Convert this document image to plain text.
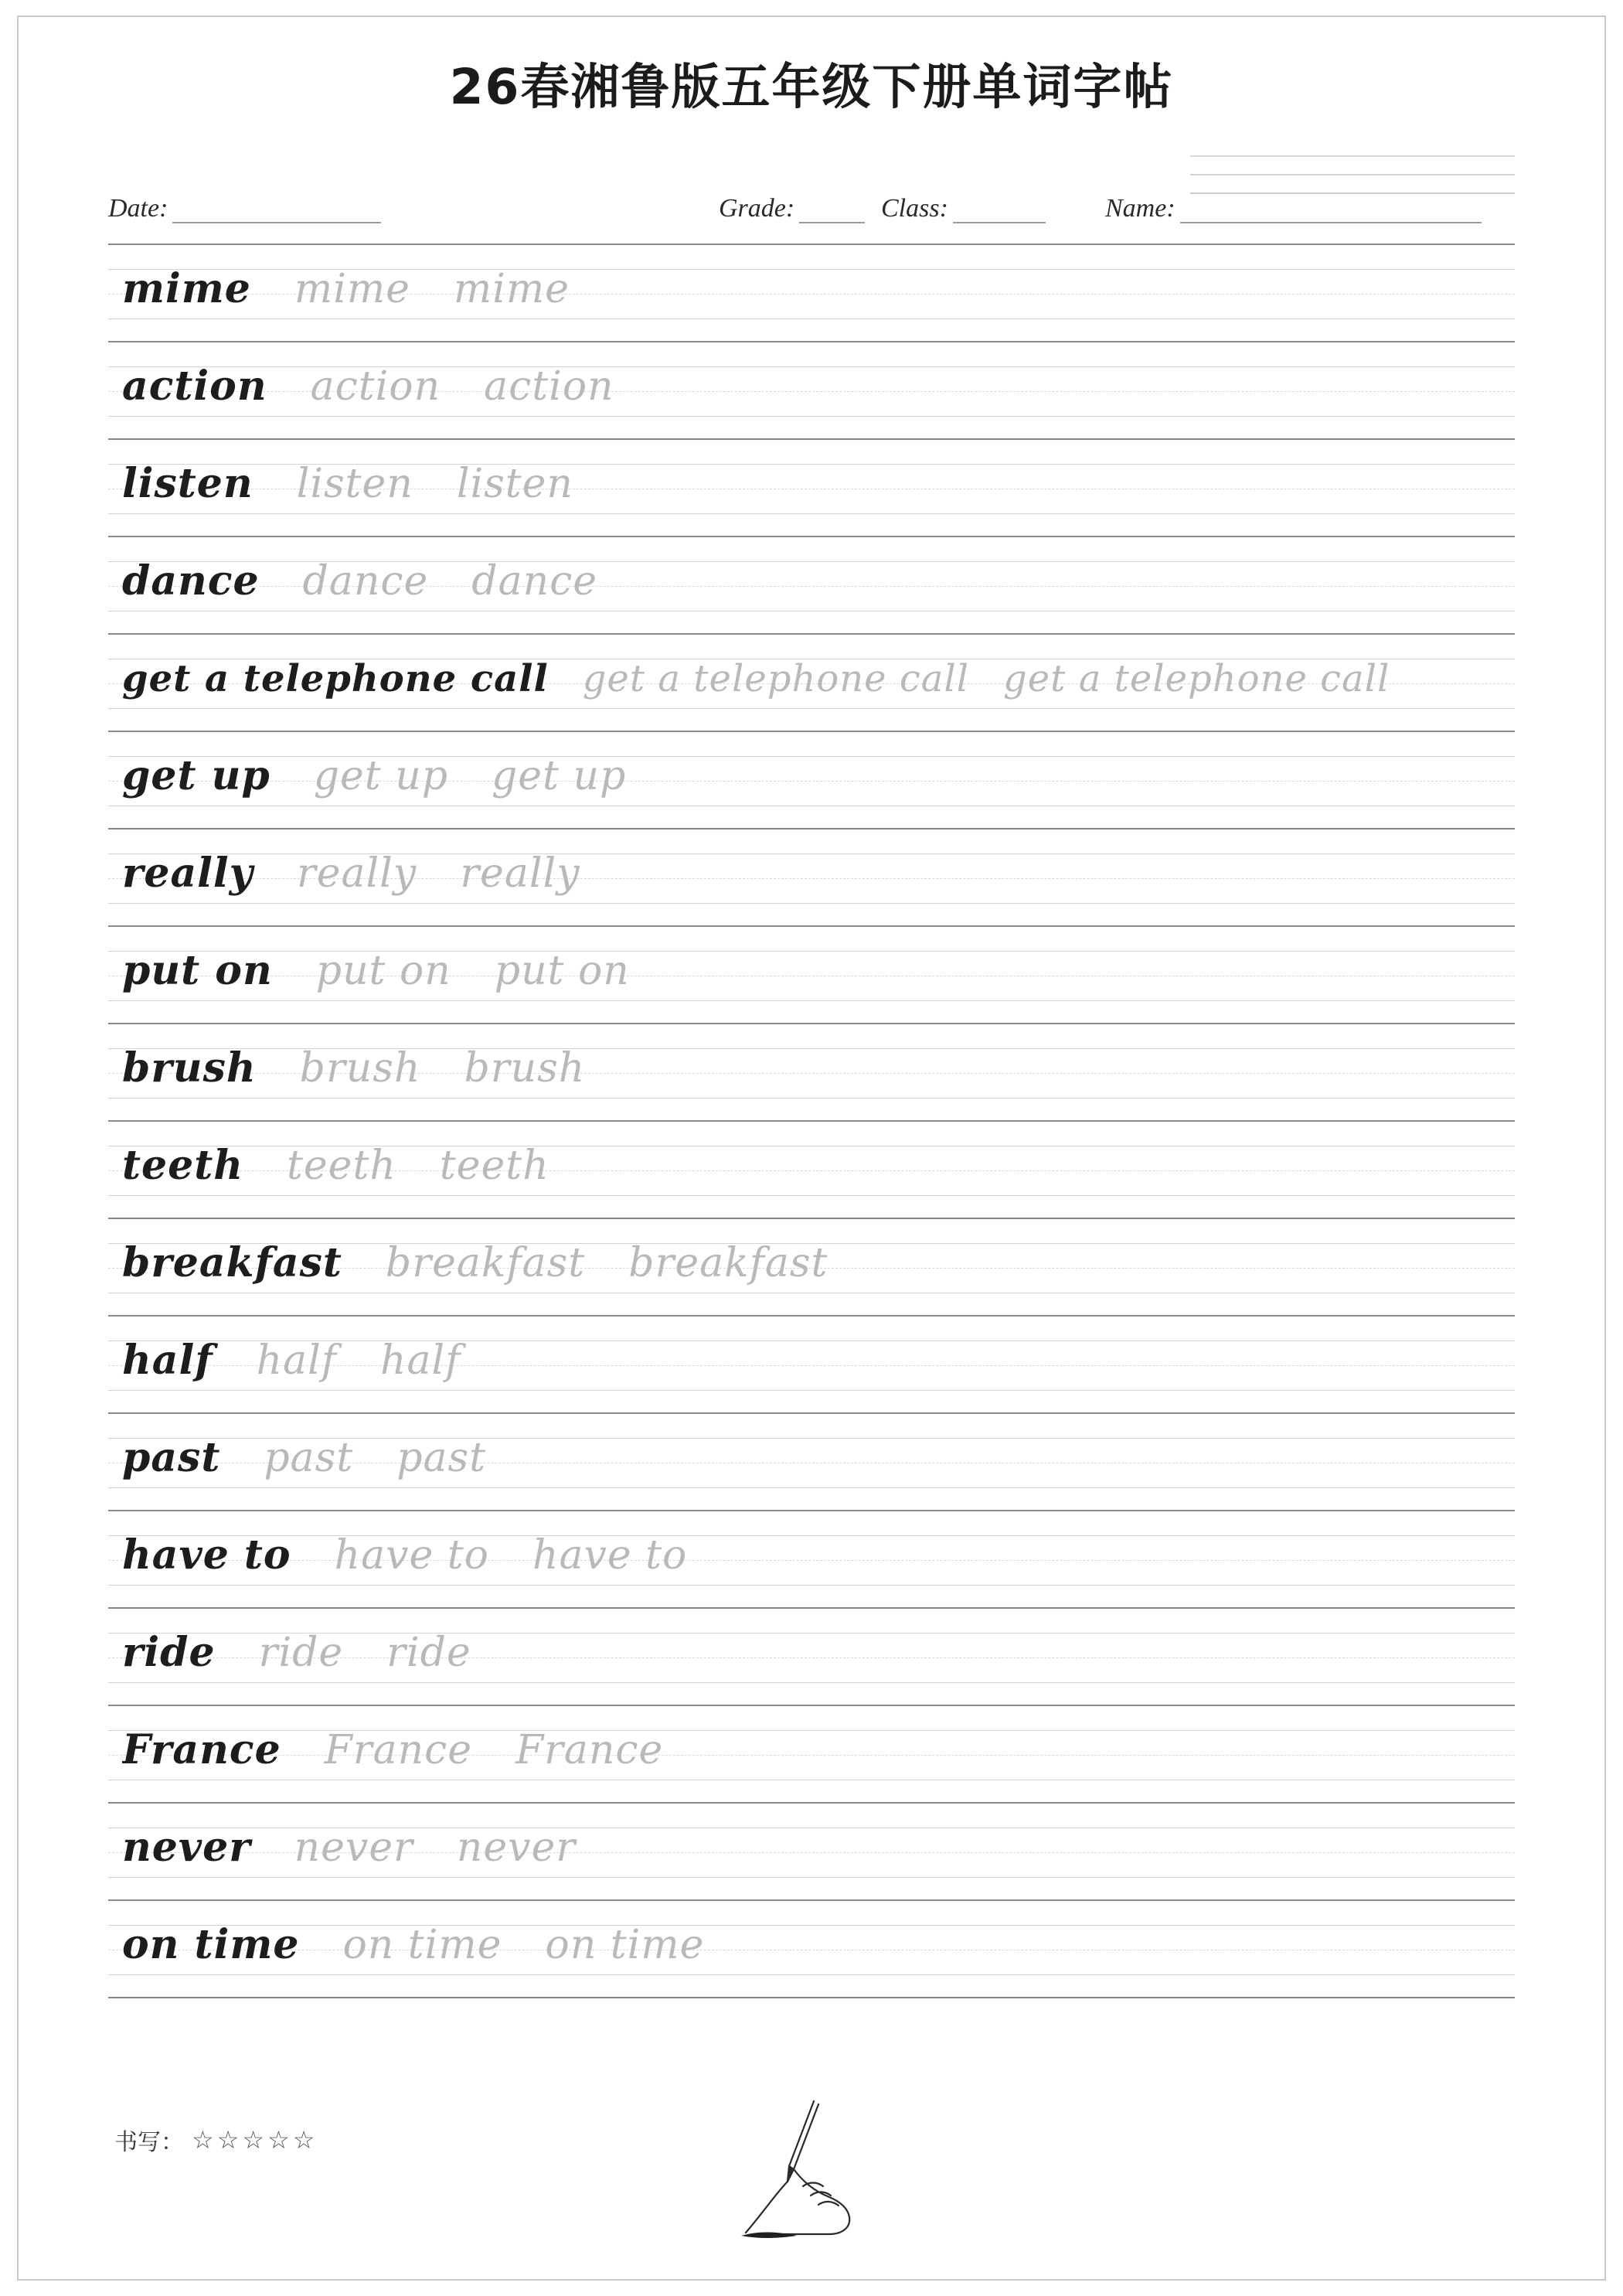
26春湘鲁版五年级下册单词字帖
Date:	Grade:	Class:	Name:
mime mime mime
action action action
listen listen listen
dance dance dance
get a telephone call get a telephone call get a telephone call
get up get up get up
really really really
put on put on put on
brush brush brush
teeth teeth teeth
breakfast breakfast breakfast
half half half
past past past
have to have to have to
ride ride ride
France France France
never never never
on time on time on time
书写： ☆☆☆☆☆
